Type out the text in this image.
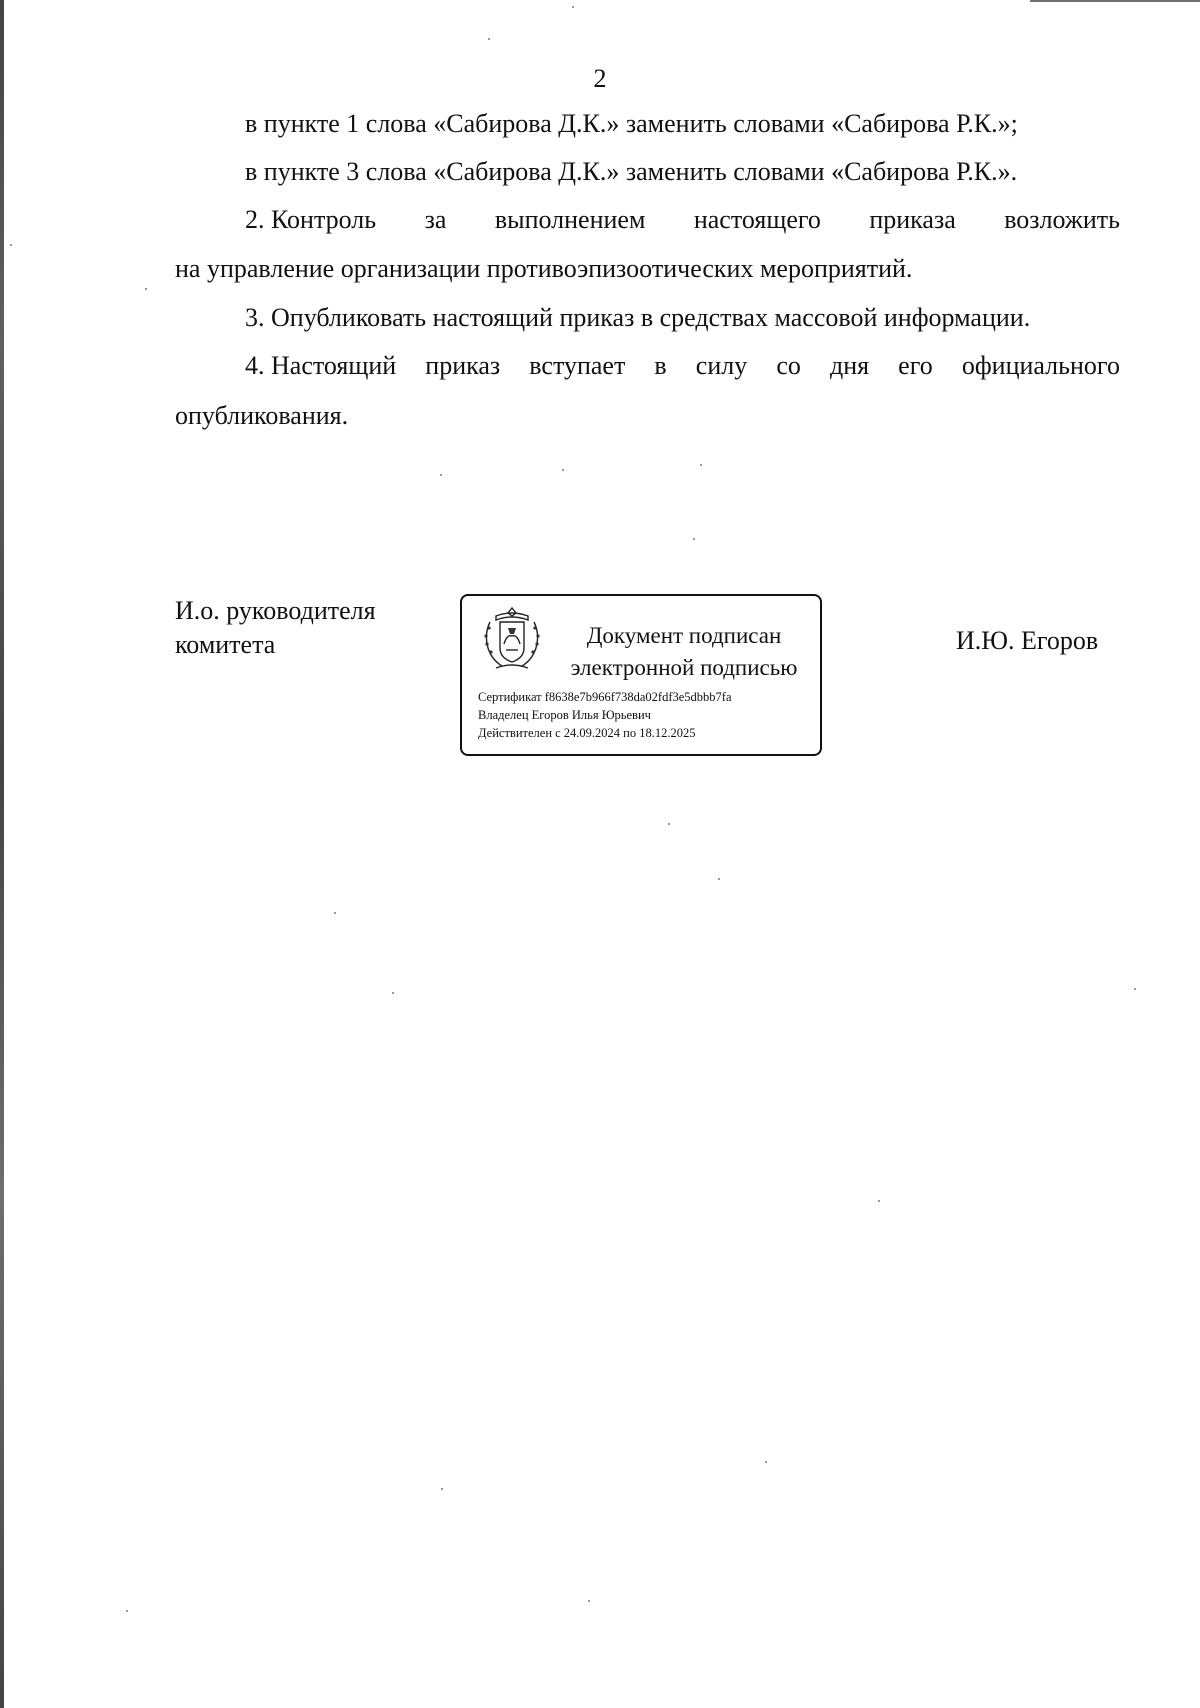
2
в пункте 1 слова «Сабирова Д.К.» заменить словами «Сабирова Р.К.»;
в пункте 3 слова «Сабирова Д.К.» заменить словами «Сабирова Р.К.».
2. Контроль за выполнением настоящего приказа возложить
на управление организации противоэпизоотических мероприятий.
3. Опубликовать настоящий приказ в средствах массовой информации.
4. Настоящий приказ вступает в силу со дня его официального
опубликования.
И.о. руководителя
комитета	Документ подписан
электронной подписью
Сертификат f8638e7b966f738da02fdf3e5dbbb7fa
Владелец Егоров Илья Юрьевич
Действителен с 24.09.2024 по 18.12.2025
И.Ю. Егоров
